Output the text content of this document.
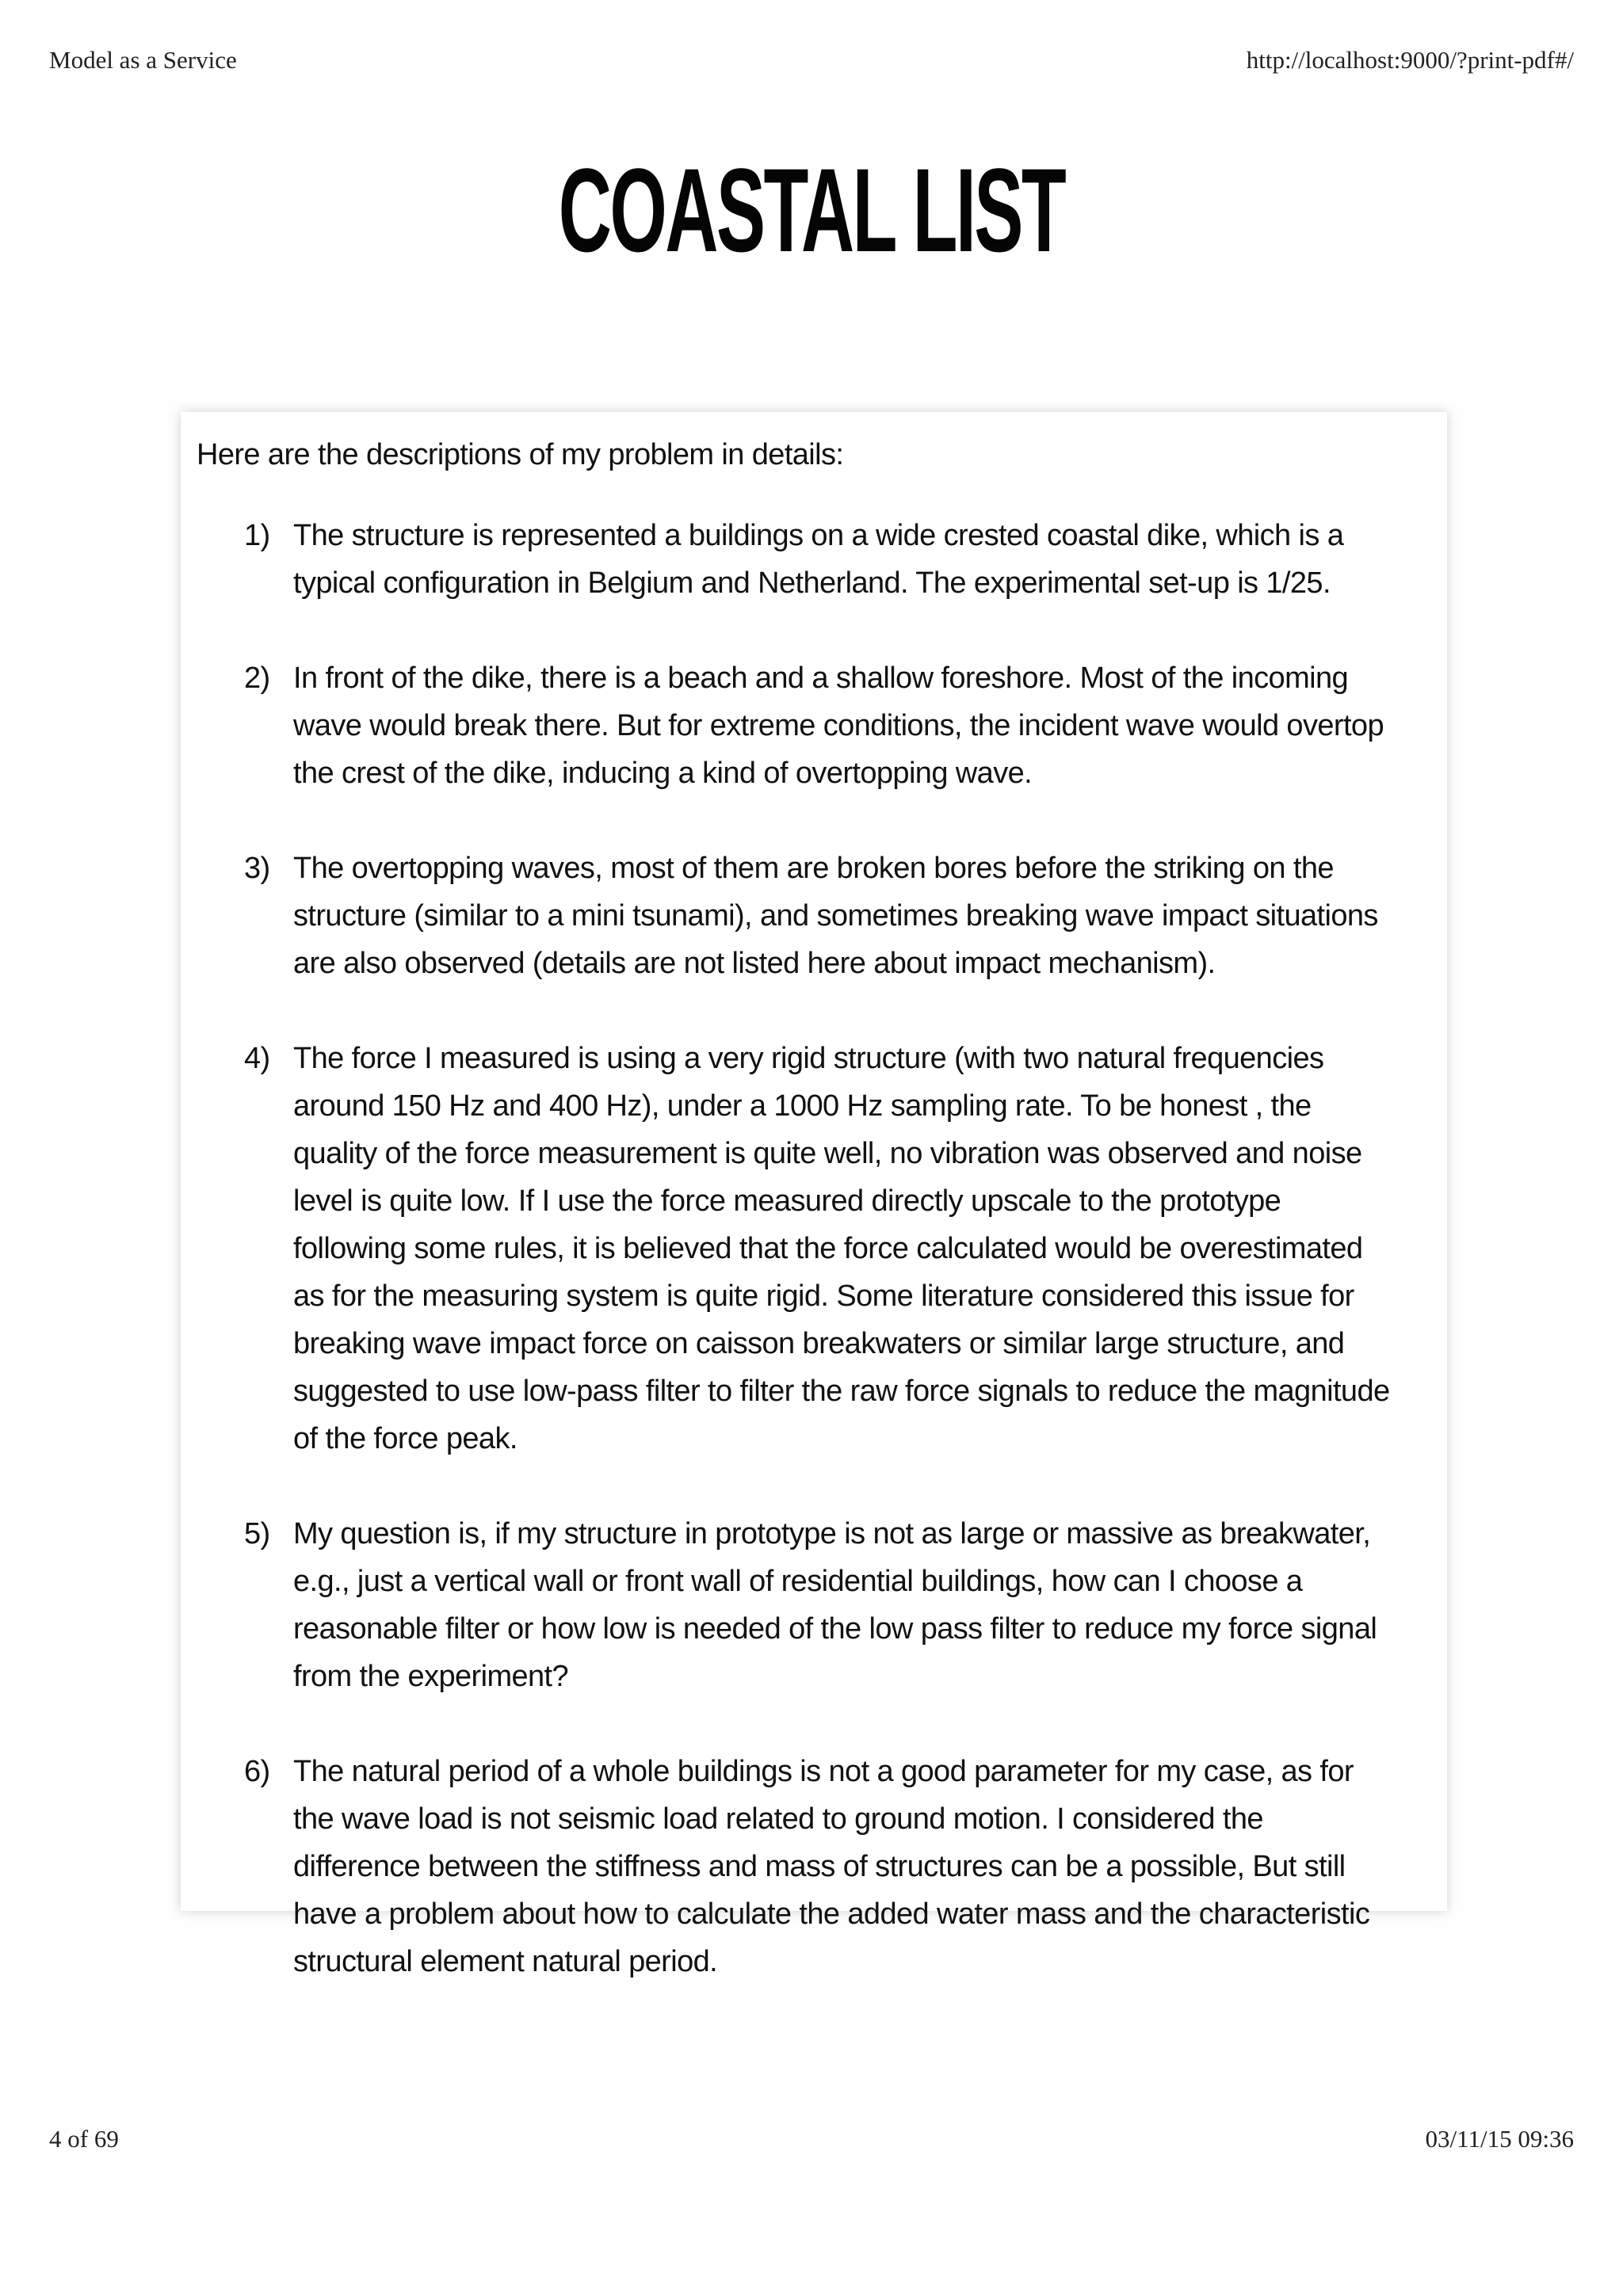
Model as a Service	http://localhost:9000/?print-pdf#/
COASTAL LIST
Here are the descriptions of my problem in details:
1) The structure is represented a buildings on a wide crested coastal dike, which is a typical configuration in Belgium and Netherland. The experimental set-up is 1/25.
2) In front of the dike, there is a beach and a shallow foreshore. Most of the incoming wave would break there. But for extreme conditions, the incident wave would overtop the crest of the dike, inducing a kind of overtopping wave.
3) The overtopping waves, most of them are broken bores before the striking on the structure (similar to a mini tsunami), and sometimes breaking wave impact situations are also observed (details are not listed here about impact mechanism).
4) The force I measured is using a very rigid structure (with two natural frequencies around 150 Hz and 400 Hz), under a 1000 Hz sampling rate. To be honest , the quality of the force measurement is quite well, no vibration was observed and noise level is quite low. If I use the force measured directly upscale to the prototype following some rules, it is believed that the force calculated would be overestimated as for the measuring system is quite rigid. Some literature considered this issue for breaking wave impact force on caisson breakwaters or similar large structure, and suggested to use low-pass filter to filter the raw force signals to reduce the magnitude of the force peak.
5) My question is, if my structure in prototype is not as large or massive as breakwater, e.g., just a vertical wall or front wall of residential buildings, how can I choose a reasonable filter or how low is needed of the low pass filter to reduce my force signal from the experiment?
6) The natural period of a whole buildings is not a good parameter for my case, as for the wave load is not seismic load related to ground motion. I considered the difference between the stiffness and mass of structures can be a possible, But still have a problem about how to calculate the added water mass and the characteristic structural element natural period.
4 of 69	03/11/15 09:36
